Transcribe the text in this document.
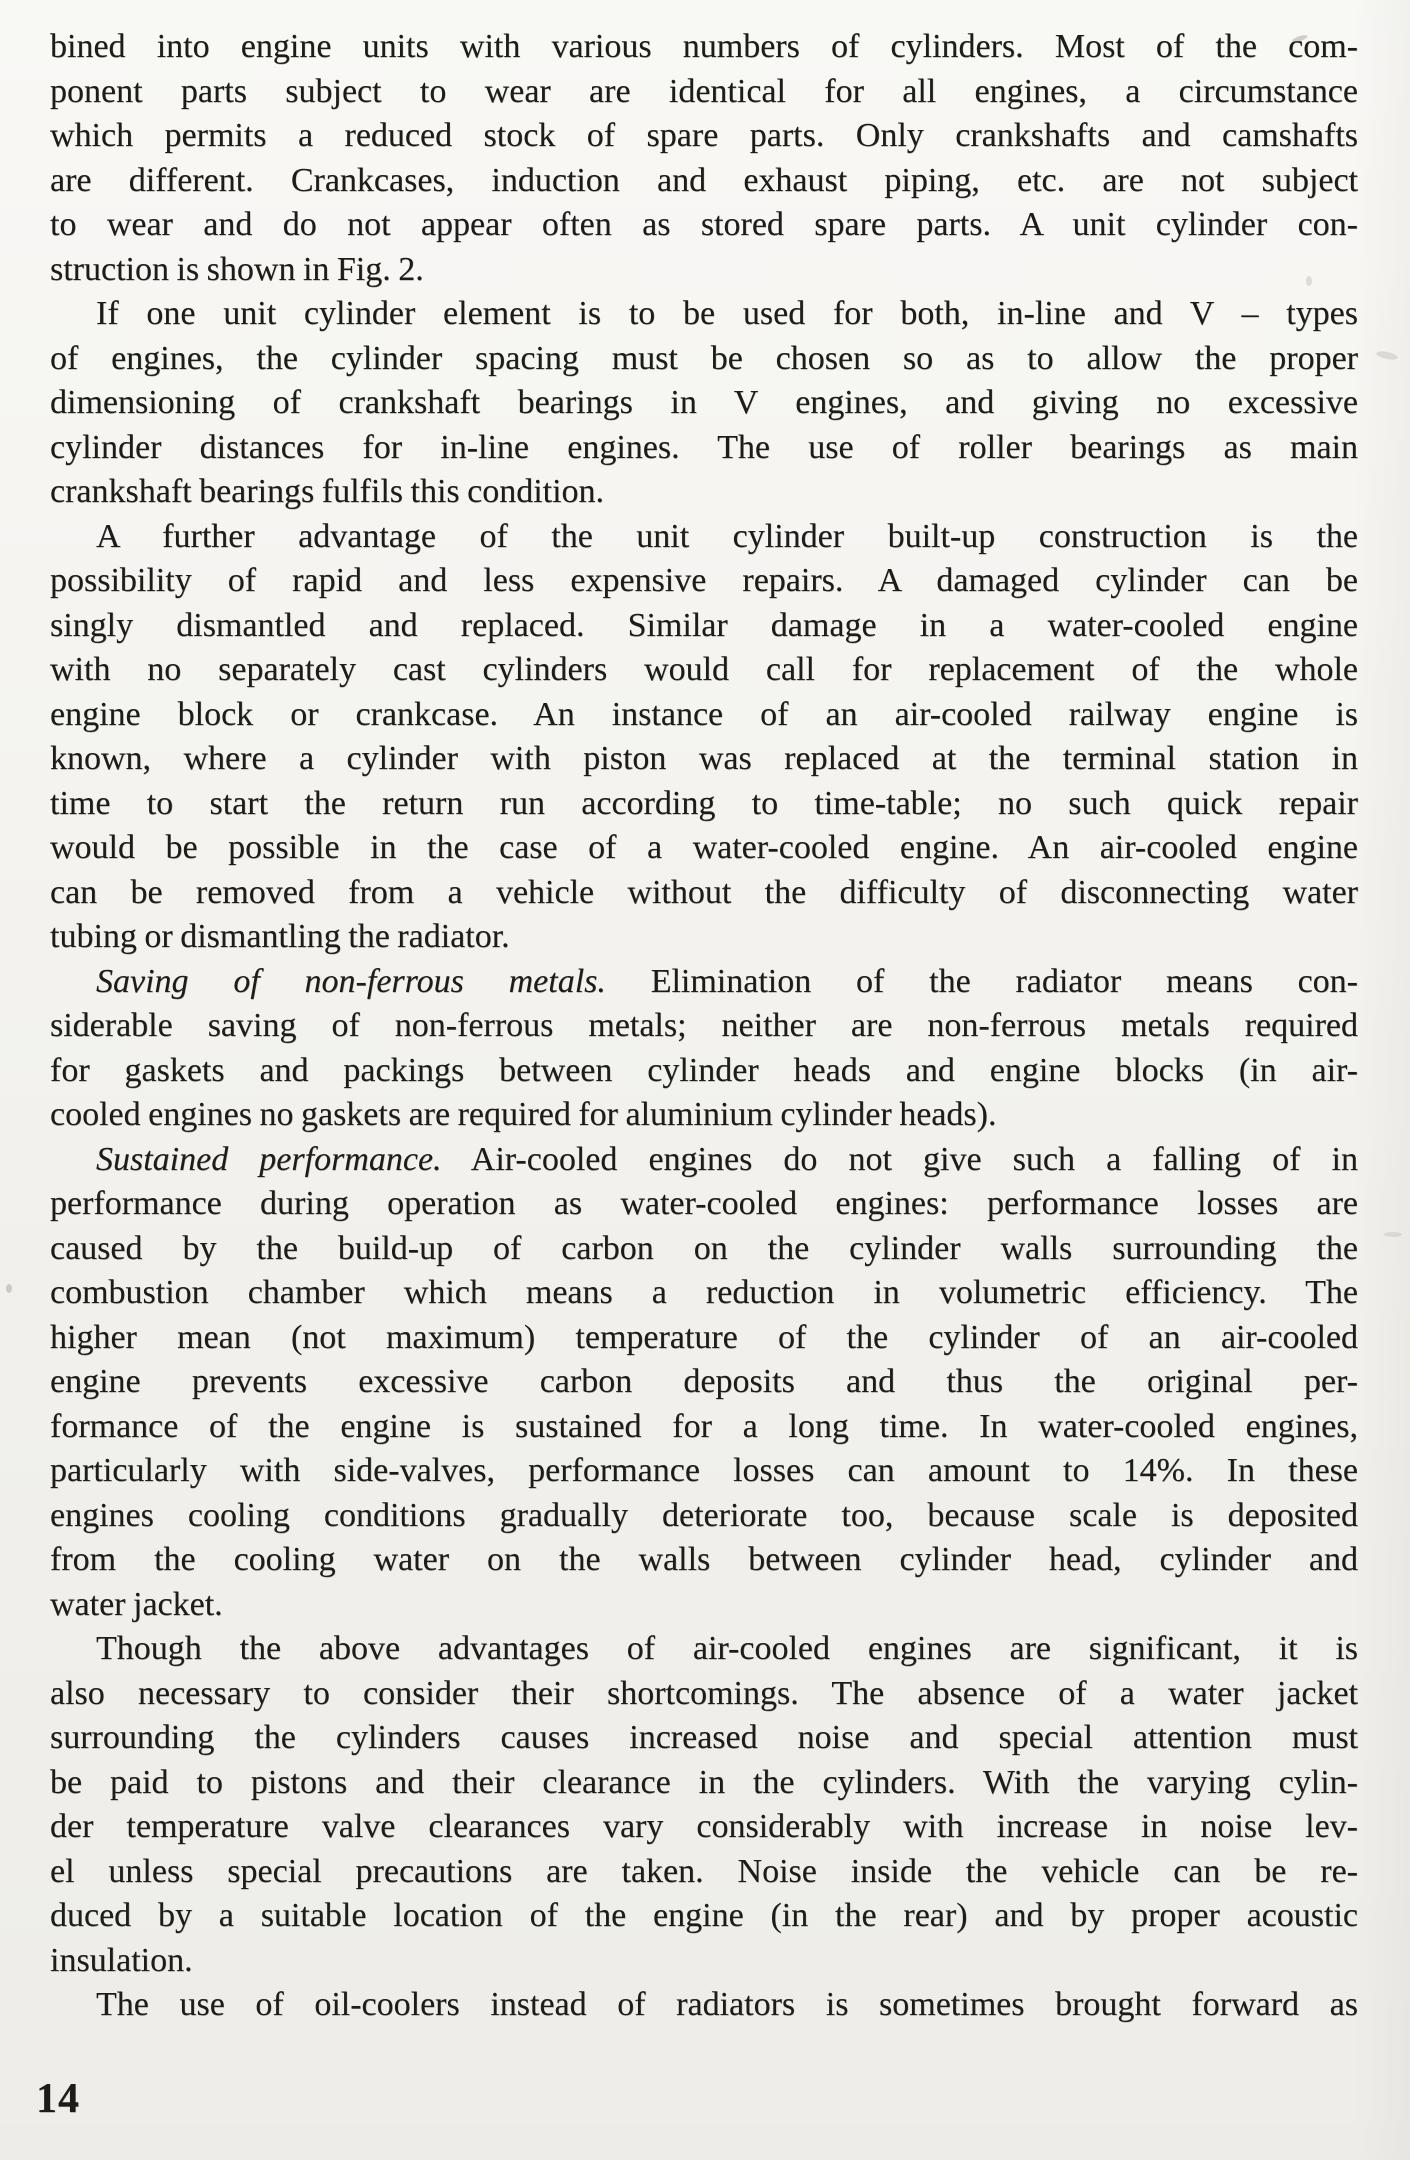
bined into engine units with various numbers of cylinders. Most of the com-
ponent parts subject to wear are identical for all engines, a circumstance
which permits a reduced stock of spare parts. Only crankshafts and camshafts
are different. Crankcases, induction and exhaust piping, etc. are not subject
to wear and do not appear often as stored spare parts. A unit cylinder con-
struction is shown in Fig. 2.
If one unit cylinder element is to be used for both, in-line and V – types
of engines, the cylinder spacing must be chosen so as to allow the proper
dimensioning of crankshaft bearings in V engines, and giving no excessive
cylinder distances for in-line engines. The use of roller bearings as main
crankshaft bearings fulfils this condition.
A further advantage of the unit cylinder built-up construction is the
possibility of rapid and less expensive repairs. A damaged cylinder can be
singly dismantled and replaced. Similar damage in a water-cooled engine
with no separately cast cylinders would call for replacement of the whole
engine block or crankcase. An instance of an air-cooled railway engine is
known, where a cylinder with piston was replaced at the terminal station in
time to start the return run according to time-table; no such quick repair
would be possible in the case of a water-cooled engine. An air-cooled engine
can be removed from a vehicle without the difficulty of disconnecting water
tubing or dismantling the radiator.
Saving of non-ferrous metals. Elimination of the radiator means con-
siderable saving of non-ferrous metals; neither are non-ferrous metals required
for gaskets and packings between cylinder heads and engine blocks (in air-
cooled engines no gaskets are required for aluminium cylinder heads).
Sustained performance. Air-cooled engines do not give such a falling of in
performance during operation as water-cooled engines: performance losses are
caused by the build-up of carbon on the cylinder walls surrounding the
combustion chamber which means a reduction in volumetric efficiency. The
higher mean (not maximum) temperature of the cylinder of an air-cooled
engine prevents excessive carbon deposits and thus the original per-
formance of the engine is sustained for a long time. In water-cooled engines,
particularly with side-valves, performance losses can amount to 14%. In these
engines cooling conditions gradually deteriorate too, because scale is deposited
from the cooling water on the walls between cylinder head, cylinder and
water jacket.
Though the above advantages of air-cooled engines are significant, it is
also necessary to consider their shortcomings. The absence of a water jacket
surrounding the cylinders causes increased noise and special attention must
be paid to pistons and their clearance in the cylinders. With the varying cylin-
der temperature valve clearances vary considerably with increase in noise lev-
el unless special precautions are taken. Noise inside the vehicle can be re-
duced by a suitable location of the engine (in the rear) and by proper acoustic
insulation.
The use of oil-coolers instead of radiators is sometimes brought forward as
14
